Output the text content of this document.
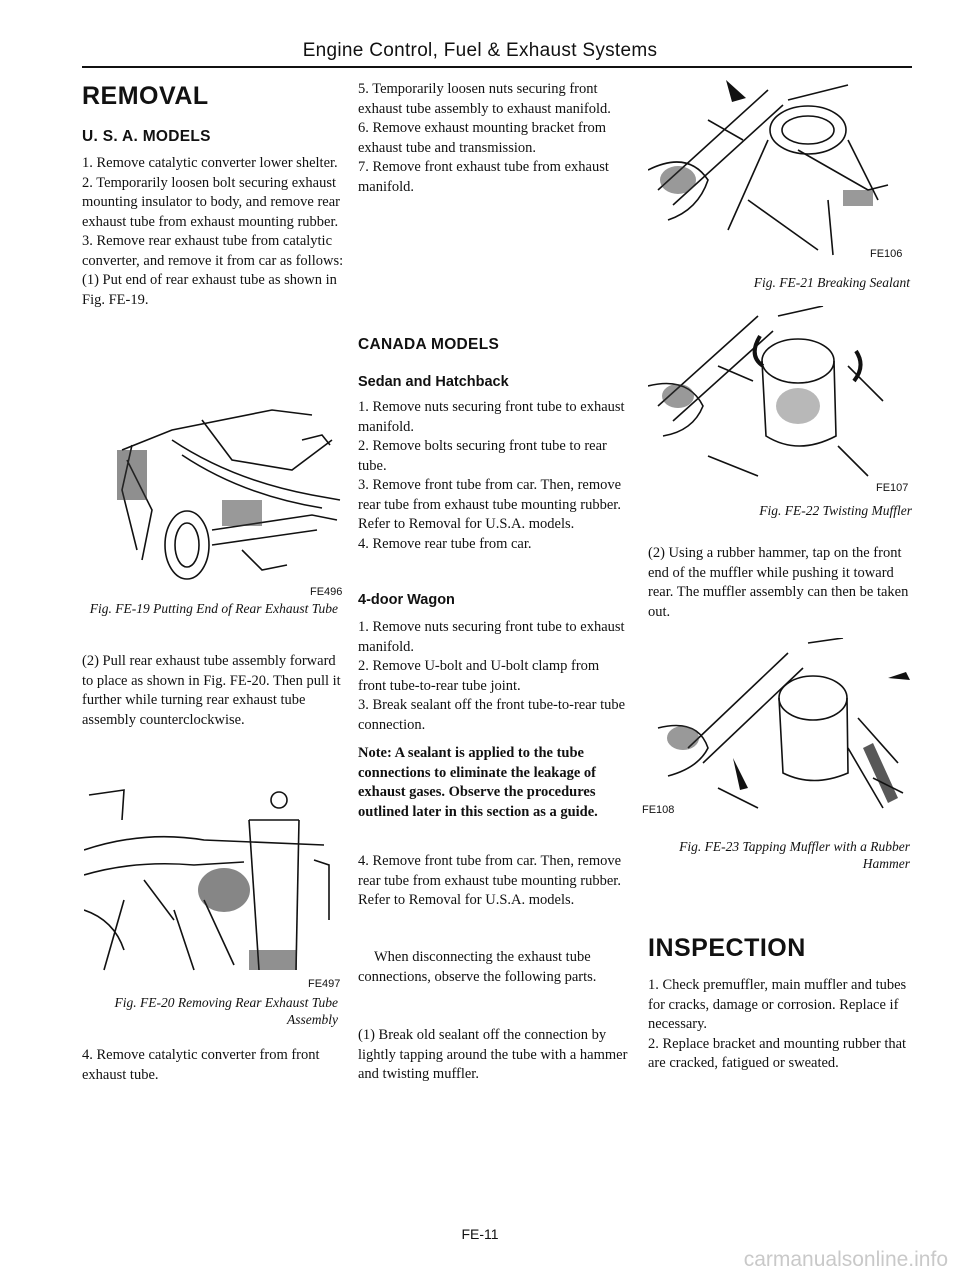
Engine Control, Fuel & Exhaust Systems
REMOVAL
U. S. A. MODELS

1. Remove catalytic converter lower shelter.

2. Temporarily loosen bolt securing exhaust mounting insulator to body, and remove rear exhaust tube from exhaust mounting rubber.

3. Remove rear exhaust tube from catalytic converter, and remove it from car as follows:

(1) Put end of rear exhaust tube as shown in Fig. FE-19.

FE496
Fig. FE-19 Putting End of Rear Exhaust Tube
(2) Pull rear exhaust tube assembly forward to place as shown in Fig. FE-20. Then pull it further while turning rear exhaust tube assembly counterclockwise.
FE497
Fig. FE-20 Removing Rear Exhaust Tube Assembly
4. Remove catalytic converter from front exhaust tube.

5. Temporarily loosen nuts securing front exhaust tube assembly to exhaust manifold.

6. Remove exhaust mounting bracket from exhaust tube and transmission.

7. Remove front exhaust tube from exhaust manifold.

CANADA MODELS
Sedan and Hatchback

1. Remove nuts securing front tube to exhaust manifold.

2. Remove bolts securing front tube to rear tube.

3. Remove front tube from car. Then, remove rear tube from exhaust tube mounting rubber. Refer to Removal for U.S.A. models.

4. Remove rear tube from car.

4-door Wagon

1. Remove nuts securing front tube to exhaust manifold.

2. Remove U-bolt and U-bolt clamp from front tube-to-rear tube joint.

3. Break sealant off the front tube-to-rear tube connection.

Note: A sealant is applied to the tube connections to eliminate the leakage of exhaust gases. Observe the procedures outlined later in this section as a guide.
4. Remove front tube from car. Then, remove rear tube from exhaust tube mounting rubber. Refer to Removal for U.S.A. models.
When disconnecting the exhaust tube connections, observe the following parts.
(1) Break old sealant off the connection by lightly tapping around the tube with a hammer and twisting muffler.
FE106
Fig. FE-21 Breaking Sealant
FE107
Fig. FE-22 Twisting Muffler
(2) Using a rubber hammer, tap on the front end of the muffler while pushing it toward rear. The muffler assembly can then be taken out.
FE108
Fig. FE-23 Tapping Muffler with a Rubber Hammer
INSPECTION

1. Check premuffler, main muffler and tubes for cracks, damage or corrosion. Replace if necessary.

2. Replace bracket and mounting rubber that are cracked, fatigued or sweated.

FE-11
carmanualsonline.info
